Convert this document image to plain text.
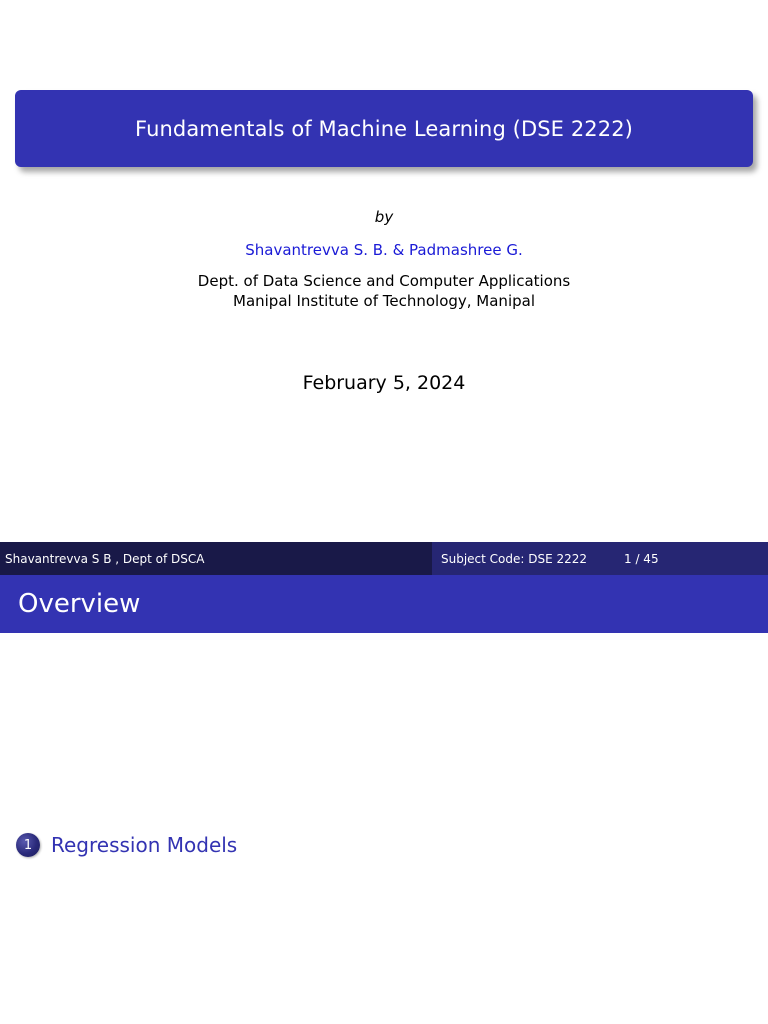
Fundamentals of Machine Learning (DSE 2222)
by
Shavantrevva S. B. & Padmashree G.
Dept. of Data Science and Computer Applications
Manipal Institute of Technology, Manipal
February 5, 2024
Shavantrevva S B , Dept of DSCA	Subject Code: DSE 2222	1 / 45
Overview
1 Regression Models
